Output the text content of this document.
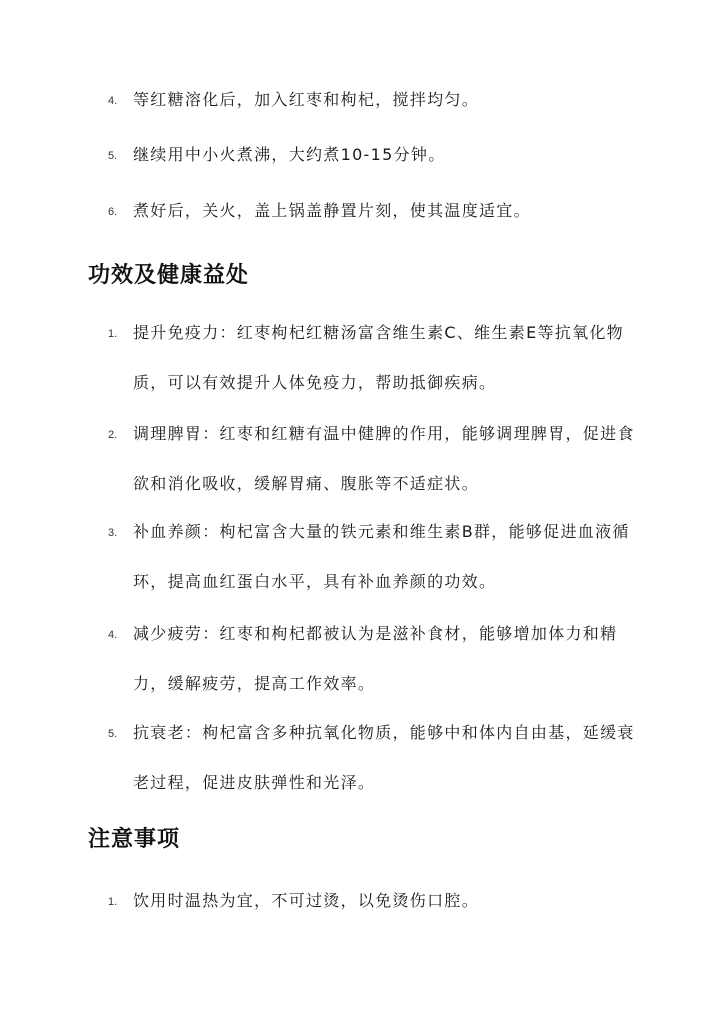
4. 等红糖溶化后，加入红枣和枸杞，搅拌均匀。
5. 继续用中小火煮沸，大约煮10-15分钟。
6. 煮好后，关火，盖上锅盖静置片刻，使其温度适宜。
功效及健康益处
1. 提升免疫力：红枣枸杞红糖汤富含维生素C、维生素E等抗氧化物质，可以有效提升人体免疫力，帮助抵御疾病。
2. 调理脾胃：红枣和红糖有温中健脾的作用，能够调理脾胃，促进食欲和消化吸收，缓解胃痛、腹胀等不适症状。
3. 补血养颜：枸杞富含大量的铁元素和维生素B群，能够促进血液循环，提高血红蛋白水平，具有补血养颜的功效。
4. 减少疲劳：红枣和枸杞都被认为是滋补食材，能够增加体力和精力，缓解疲劳，提高工作效率。
5. 抗衰老：枸杞富含多种抗氧化物质，能够中和体内自由基，延缓衰老过程，促进皮肤弹性和光泽。
注意事项
1. 饮用时温热为宜，不可过烫，以免烫伤口腔。
